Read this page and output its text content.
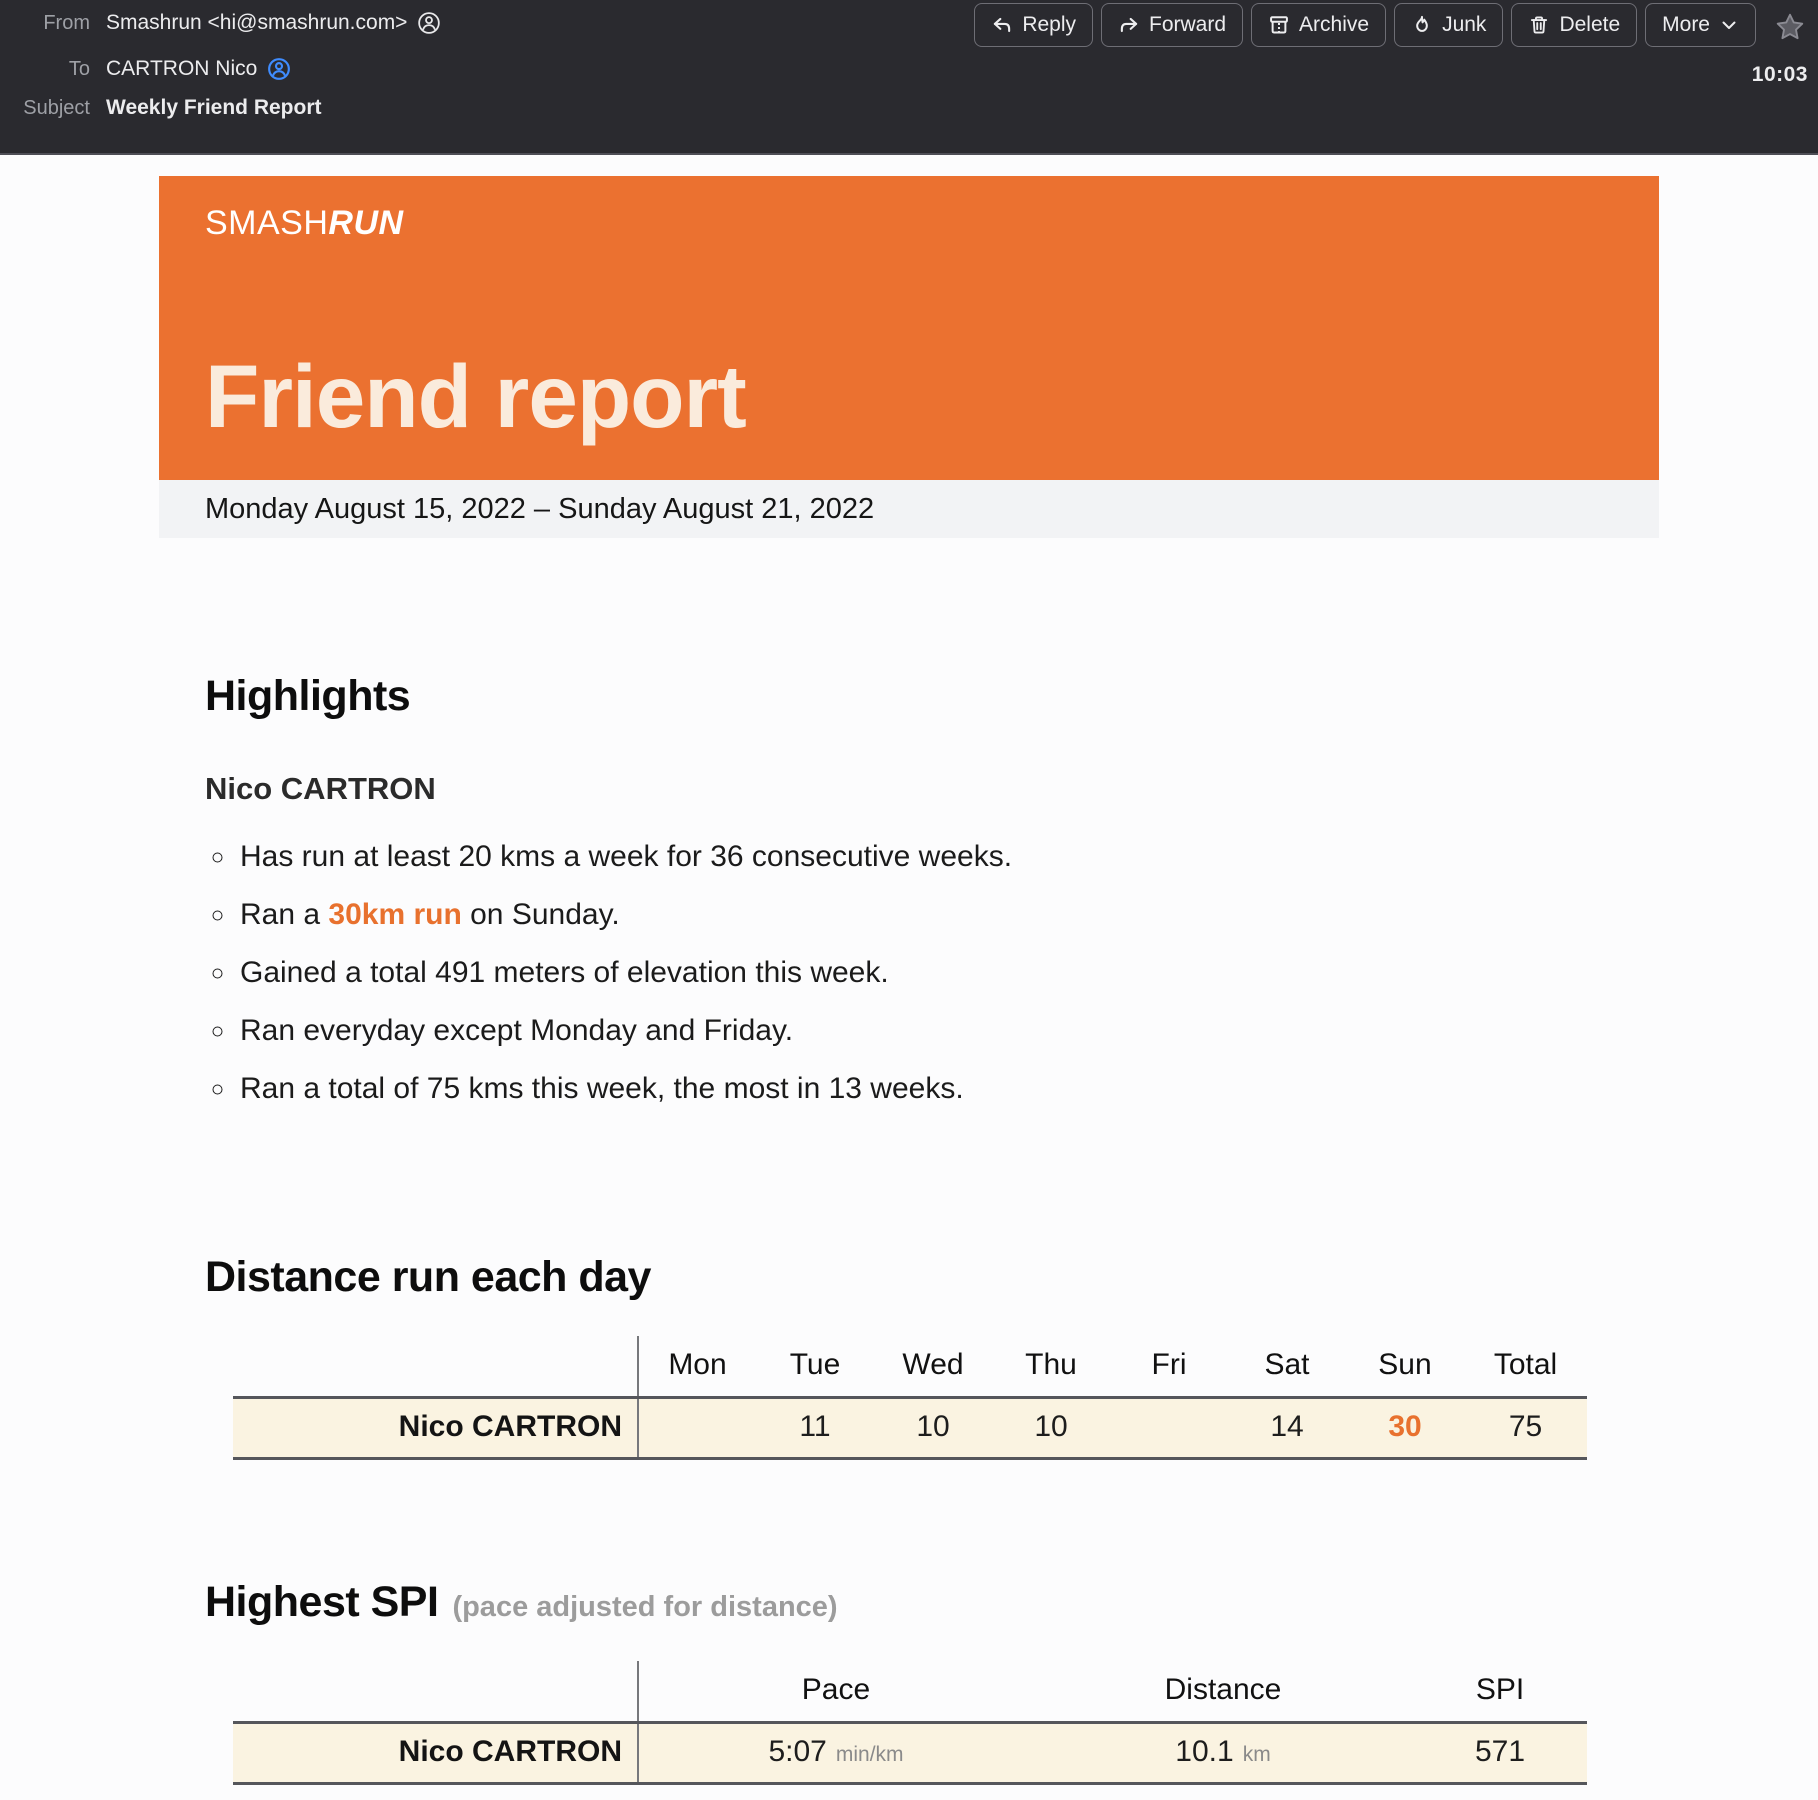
From Smashrun <hi@smashrun.com>
To CARTRON Nico
Subject Weekly Friend Report
Reply	Forward	Archive	Junk	Delete More
10:03
SMASHRUN
Friend report
Monday August 15, 2022 – Sunday August 21, 2022
Highlights
Nico CARTRON
◦ Has run at least 20 kms a week for 36 consecutive weeks.
◦ Ran a 30km run on Sunday.
◦ Gained a total 491 meters of elevation this week.
◦ Ran everyday except Monday and Friday.
◦ Ran a total of 75 kms this week, the most in 13 weeks.
Distance run each day
	Mon	Tue	Wed	Thu	Fri	Sat	Sun	Total
Nico CARTRON		11	10	10		14	30	75
Highest SPI (pace adjusted for distance)
	Pace	Distance	SPI
Nico CARTRON	5:07 min/km	10.1 km	571
